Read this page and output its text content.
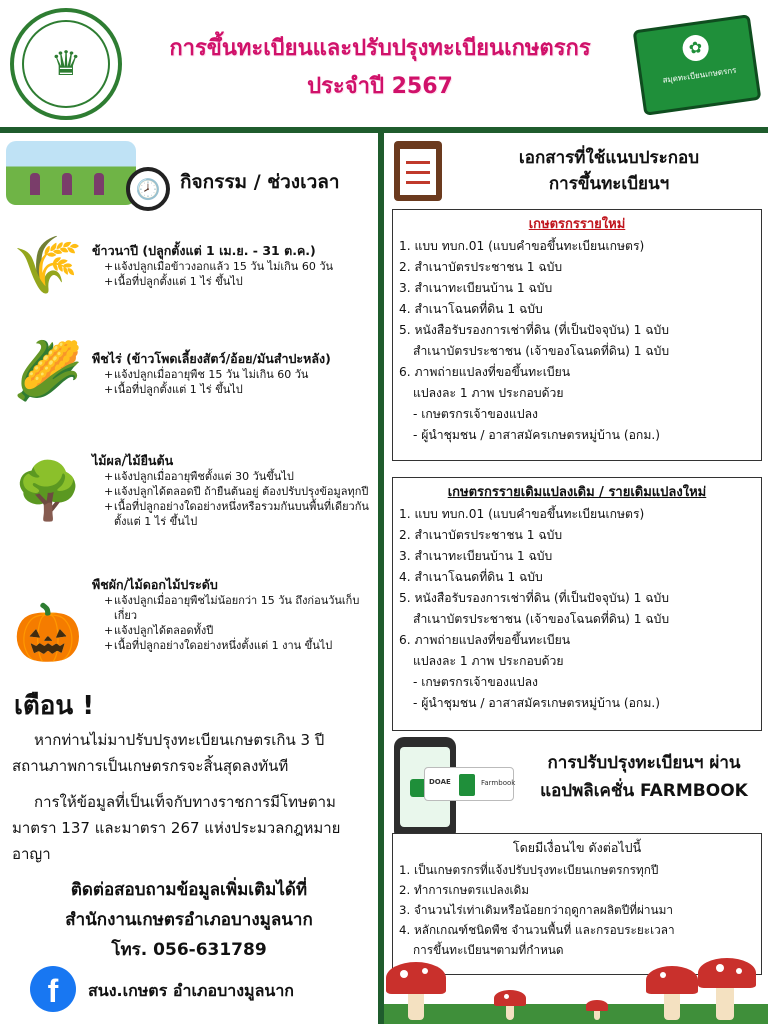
♛	การขึ้นทะเบียนและปรับปรุงทะเบียนเกษตรกร
ประจำปี 2567
✿
สมุดทะเบียนเกษตรกร
🕗	กิจกรรม / ช่วงเวลา
🌾 ข้าวนาปี (ปลูกตั้งแต่ 1 เม.ย. - 31 ต.ค.)
+ แจ้งปลูกเมื่อข้าวงอกแล้ว 15 วัน ไม่เกิน 60 วัน
+ เนื้อที่ปลูกตั้งแต่ 1 ไร่ ขึ้นไป
🌽 พืชไร่ (ข้าวโพดเลี้ยงสัตว์/อ้อย/มันสำปะหลัง)
+ แจ้งปลูกเมื่ออายุพืช 15 วัน ไม่เกิน 60 วัน
+ เนื้อที่ปลูกตั้งแต่ 1 ไร่ ขึ้นไป
🌳 ไม้ผล/ไม้ยืนต้น
+ แจ้งปลูกเมื่ออายุพืชตั้งแต่ 30 วันขึ้นไป
+ แจ้งปลูกได้ตลอดปี ถ้ายืนต้นอยู่ ต้องปรับปรุงข้อมูลทุกปี
+ เนื้อที่ปลูกอย่างใดอย่างหนึ่งหรือรวมกันบนพื้นที่เดียวกันตั้งแต่ 1 ไร่ ขึ้นไป
🎃
พืชผัก/ไม้ดอกไม้ประดับ
+ แจ้งปลูกเมื่ออายุพืชไม่น้อยกว่า 15 วัน ถึงก่อนวันเก็บเกี่ยว
+ แจ้งปลูกได้ตลอดทั้งปี
+ เนื้อที่ปลูกอย่างใดอย่างหนึ่งตั้งแต่ 1 งาน ขึ้นไป
เตือน !
หากท่านไม่มาปรับปรุงทะเบียนเกษตรเกิน 3 ปี สถานภาพการเป็นเกษตรกรจะสิ้นสุดลงทันที
การให้ข้อมูลที่เป็นเท็จกับทางราชการมีโทษตามมาตรา 137 และมาตรา 267 แห่งประมวลกฎหมายอาญา
ติดต่อสอบถามข้อมูลเพิ่มเติมได้ที่
สำนักงานเกษตรอำเภอบางมูลนาก
โทร. 056-631789
f	สนง.เกษตร อำเภอบางมูลนาก
เอกสารที่ใช้แนบประกอบ
การขึ้นทะเบียนฯ
เกษตรกรรายใหม่
1. แบบ ทบก.01 (แบบคำขอขึ้นทะเบียนเกษตร)
2. สำเนาบัตรประชาชน 1 ฉบับ
3. สำเนาทะเบียนบ้าน 1 ฉบับ
4. สำเนาโฉนดที่ดิน 1 ฉบับ
5. หนังสือรับรองการเช่าที่ดิน (ที่เป็นปัจจุบัน) 1 ฉบับ
สำเนาบัตรประชาชน (เจ้าของโฉนดที่ดิน) 1 ฉบับ
6. ภาพถ่ายแปลงที่ขอขึ้นทะเบียน
แปลงละ 1 ภาพ ประกอบด้วย
- เกษตรกรเจ้าของแปลง
- ผู้นำชุมชน / อาสาสมัครเกษตรหมู่บ้าน (อกม.)
เกษตรกรรายเดิมแปลงเดิม / รายเดิมแปลงใหม่
1. แบบ ทบก.01 (แบบคำขอขึ้นทะเบียนเกษตร)
2. สำเนาบัตรประชาชน 1 ฉบับ
3. สำเนาทะเบียนบ้าน 1 ฉบับ
4. สำเนาโฉนดที่ดิน 1 ฉบับ
5. หนังสือรับรองการเช่าที่ดิน (ที่เป็นปัจจุบัน) 1 ฉบับ
สำเนาบัตรประชาชน (เจ้าของโฉนดที่ดิน) 1 ฉบับ
6. ภาพถ่ายแปลงที่ขอขึ้นทะเบียน
แปลงละ 1 ภาพ ประกอบด้วย
- เกษตรกรเจ้าของแปลง
- ผู้นำชุมชน / อาสาสมัครเกษตรหมู่บ้าน (อกม.)
DOAE	Farmbook
การปรับปรุงทะเบียนฯ ผ่าน
แอปพลิเคชั่น FARMBOOK
โดยมีเงื่อนไข ดังต่อไปนี้
1. เป็นเกษตรกรที่แจ้งปรับปรุงทะเบียนเกษตรกรทุกปี
2. ทำการเกษตรแปลงเดิม
3. จำนวนไร่เท่าเดิมหรือน้อยกว่าฤดูกาลผลิตปีที่ผ่านมา
4. หลักเกณฑ์ชนิดพืช จำนวนพื้นที่ และกรอบระยะเวลา
การขึ้นทะเบียนฯตามที่กำหนด
